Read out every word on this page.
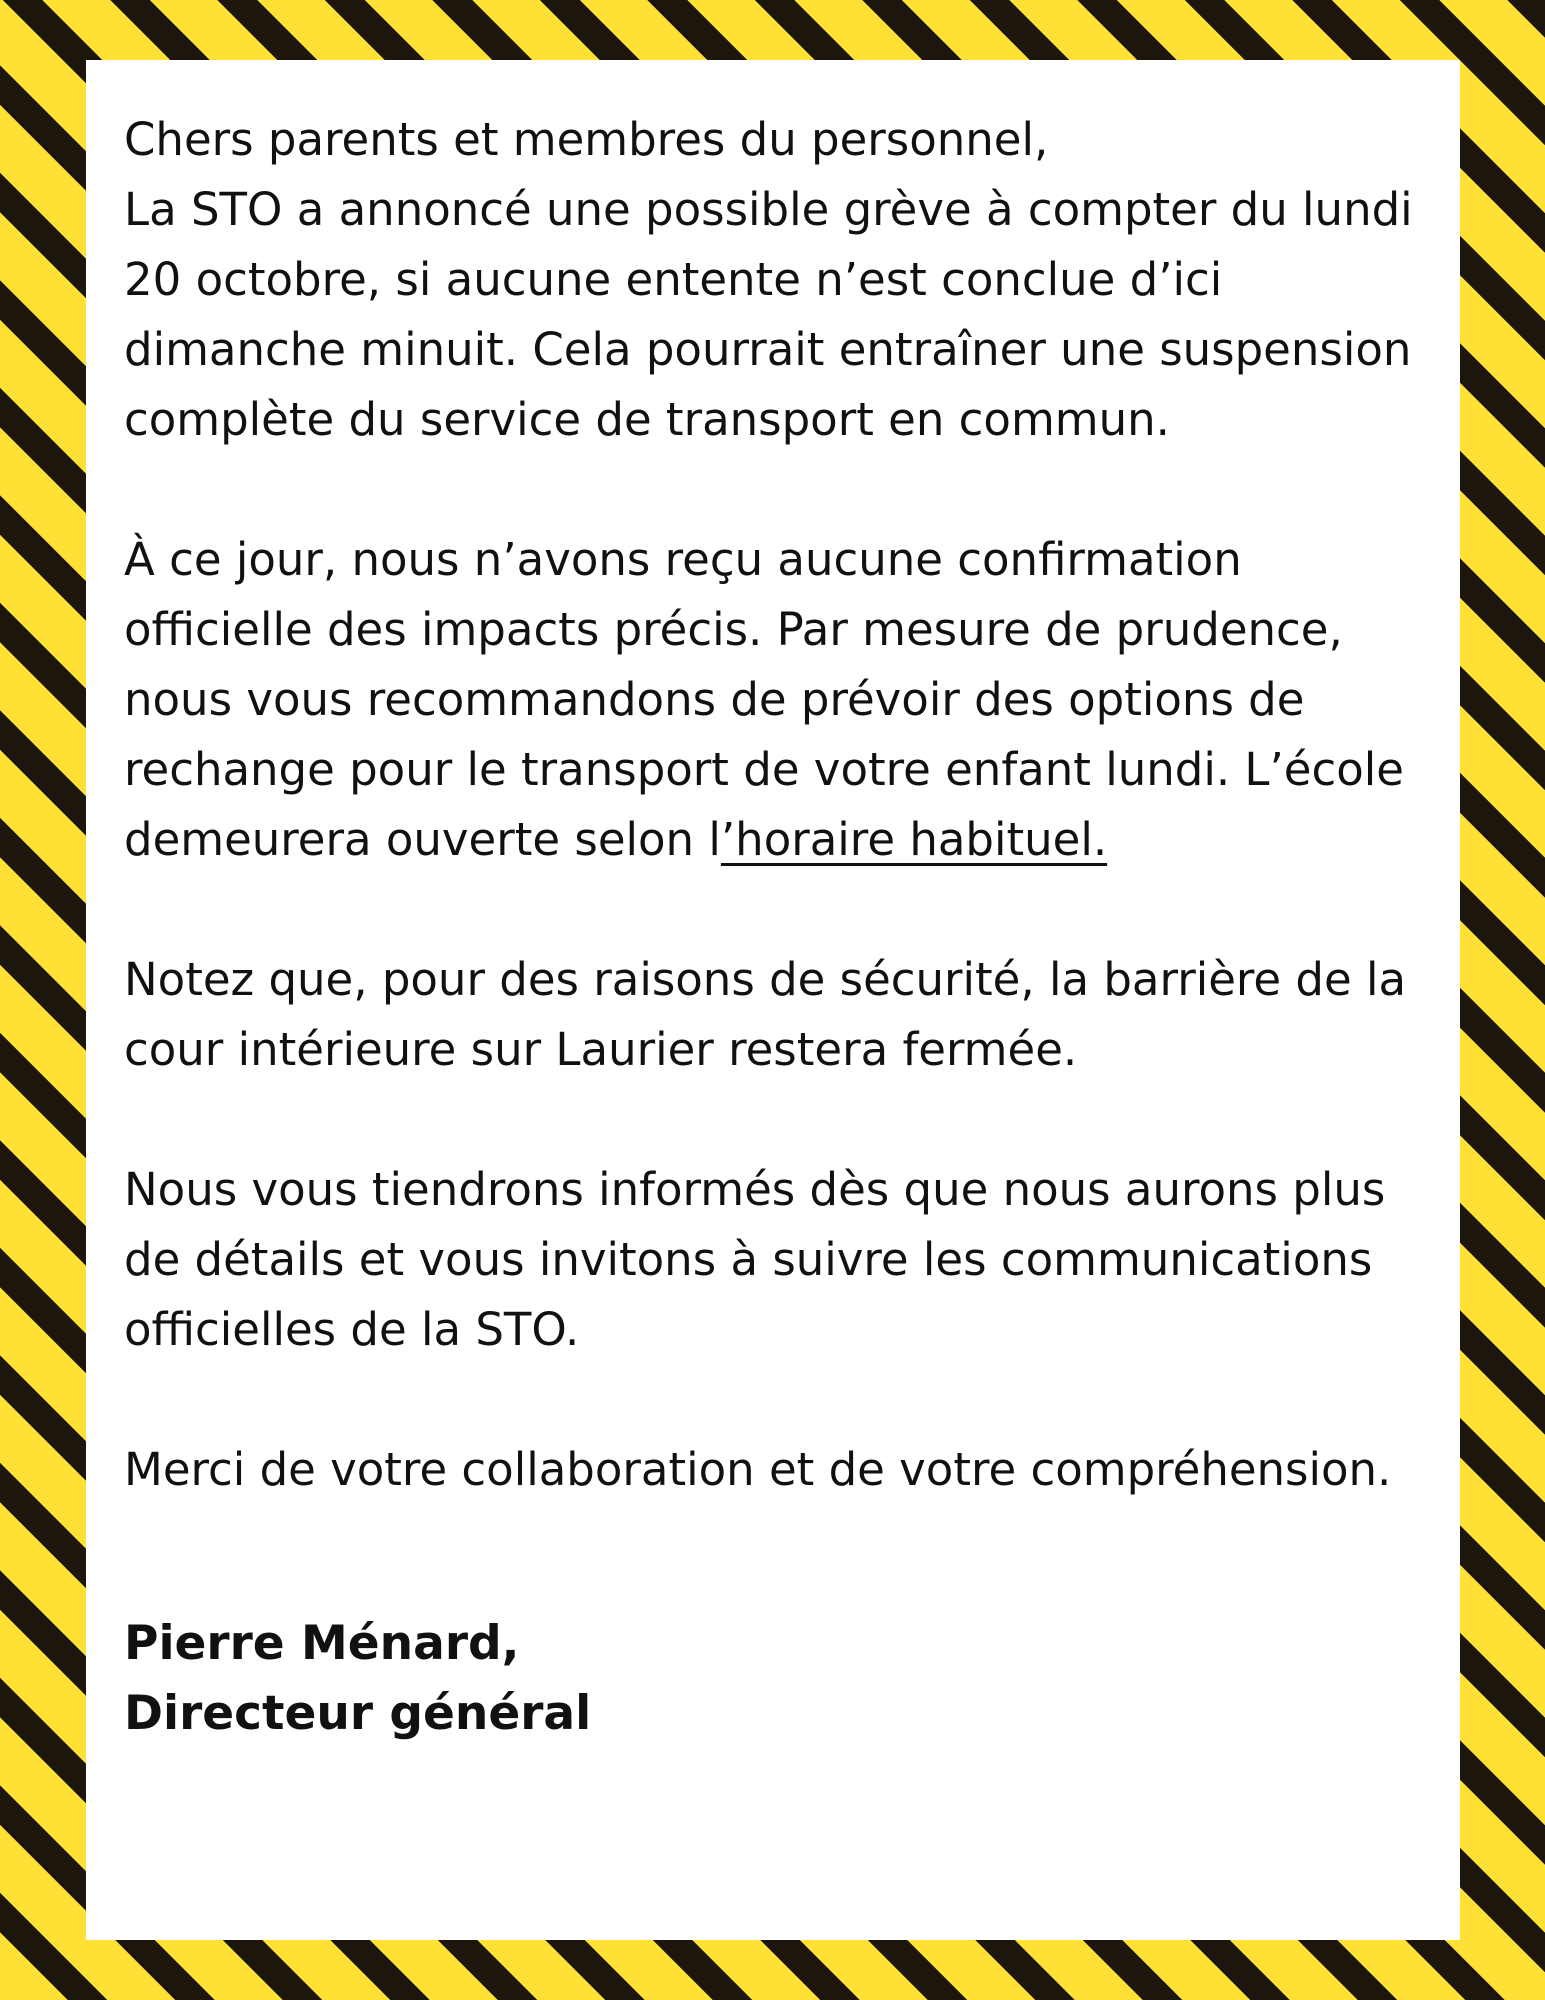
Chers parents et membres du personnel,

La STO a annoncé une possible grève à compter du lundi 20 octobre, si aucune entente n’est conclue d’ici dimanche minuit. Cela pourrait entraîner une suspension complète du service de transport en commun.

À ce jour, nous n’avons reçu aucune confirmation officielle des impacts précis. Par mesure de prudence, nous vous recommandons de prévoir des options de rechange pour le transport de votre enfant lundi. L’école demeurera ouverte selon l’horaire habituel.

Notez que, pour des raisons de sécurité, la barrière de la cour intérieure sur Laurier restera fermée.

Nous vous tiendrons informés dès que nous aurons plus de détails et vous invitons à suivre les communications officielles de la STO.

Merci de votre collaboration et de votre compréhension.

Pierre Ménard,

Directeur général
